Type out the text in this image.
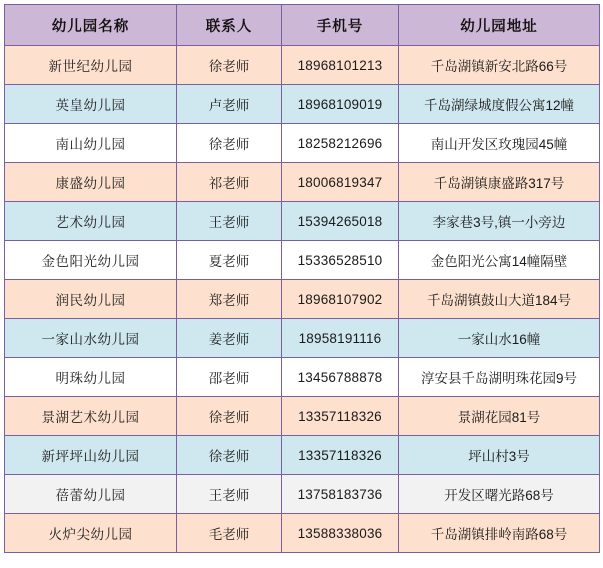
幼儿园名称	联系人	手机号	幼儿园地址
新世纪幼儿园	徐老师	18968101213	千岛湖镇新安北路66号
英皇幼儿园	卢老师	18968109019	千岛湖绿城度假公寓12幢
南山幼儿园	徐老师	18258212696	南山开发区玫瑰园45幢
康盛幼儿园	祁老师	18006819347	千岛湖镇康盛路317号
艺术幼儿园	王老师	15394265018	李家巷3号,镇一小旁边
金色阳光幼儿园	夏老师	15336528510	金色阳光公寓14幢隔壁
润民幼儿园	郑老师	18968107902	千岛湖镇鼓山大道184号
一家山水幼儿园	姜老师	18958191116	一家山水16幢
明珠幼儿园	邵老师	13456788878	淳安县千岛湖明珠花园9号
景湖艺术幼儿园	徐老师	13357118326	景湖花园81号
新坪坪山幼儿园	徐老师	13357118326	坪山村3号
蓓蕾幼儿园	王老师	13758183736	开发区曙光路68号
火炉尖幼儿园	毛老师	13588338036	千岛湖镇排岭南路68号
